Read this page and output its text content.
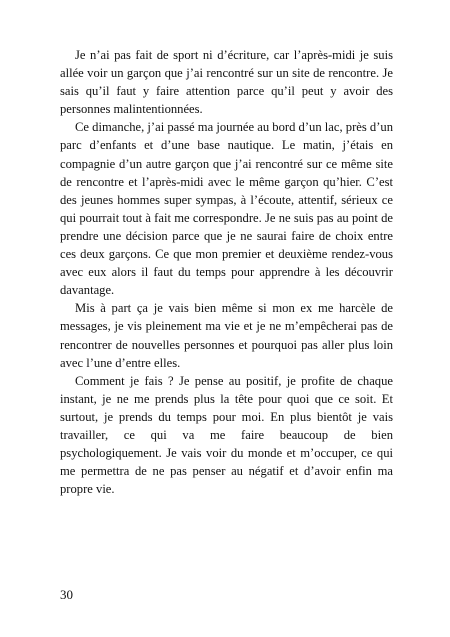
Je n’ai pas fait de sport ni d’écriture, car l’après-midi je suis allée voir un garçon que j’ai rencontré sur un site de rencontre. Je sais qu’il faut y faire attention parce qu’il peut y avoir des personnes malintentionnées.

Ce dimanche, j’ai passé ma journée au bord d’un lac, près d’un parc d’enfants et d’une base nautique. Le matin, j’étais en compagnie d’un autre garçon que j’ai rencontré sur ce même site de rencontre et l’après-midi avec le même garçon qu’hier. C’est des jeunes hommes super sympas, à l’écoute, attentif, sérieux ce qui pourrait tout à fait me correspondre. Je ne suis pas au point de prendre une décision parce que je ne saurai faire de choix entre ces deux garçons. Ce que mon premier et deuxième rendez-vous avec eux alors il faut du temps pour apprendre à les découvrir davantage.

Mis à part ça je vais bien même si mon ex me harcèle de messages, je vis pleinement ma vie et je ne m’empêcherai pas de rencontrer de nouvelles personnes et pourquoi pas aller plus loin avec l’une d’entre elles.

Comment je fais ? Je pense au positif, je profite de chaque instant, je ne me prends plus la tête pour quoi que ce soit. Et surtout, je prends du temps pour moi. En plus bientôt je vais travailler, ce qui va me faire beaucoup de bien psychologiquement. Je vais voir du monde et m’occuper, ce qui me permettra de ne pas penser au négatif et d’avoir enfin ma propre vie.

30
